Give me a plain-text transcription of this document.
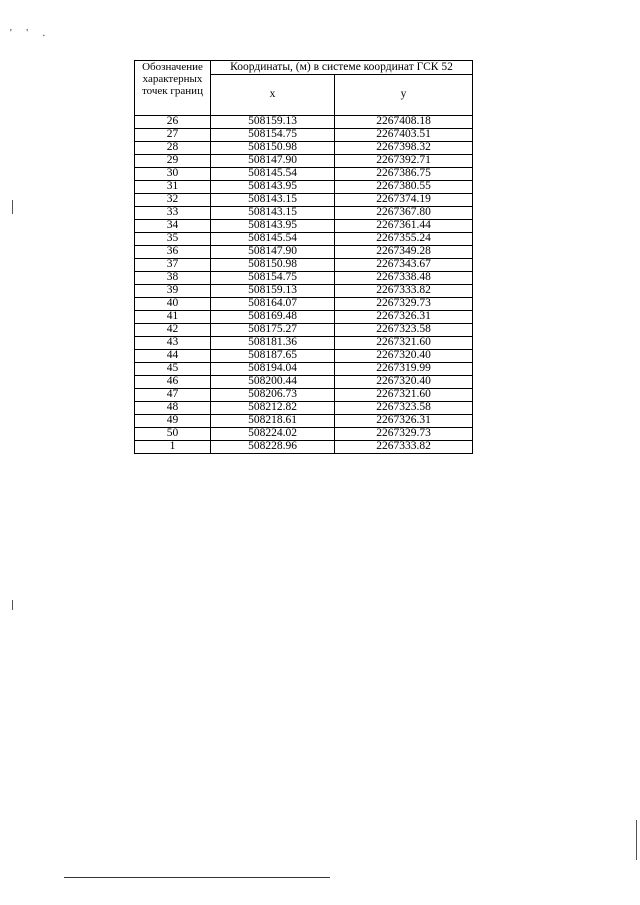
' ' .
Обозначение характерных точек границ	Координаты, (м) в системе координат ГСК 52	
	x	y
26	508159.13	2267408.18
27	508154.75	2267403.51
28	508150.98	2267398.32
29	508147.90	2267392.71
30	508145.54	2267386.75
31	508143.95	2267380.55
32	508143.15	2267374.19
33	508143.15	2267367.80
34	508143.95	2267361.44
35	508145.54	2267355.24
36	508147.90	2267349.28
37	508150.98	2267343.67
38	508154.75	2267338.48
39	508159.13	2267333.82
40	508164.07	2267329.73
41	508169.48	2267326.31
42	508175.27	2267323.58
43	508181.36	2267321.60
44	508187.65	2267320.40
45	508194.04	2267319.99
46	508200.44	2267320.40
47	508206.73	2267321.60
48	508212.82	2267323.58
49	508218.61	2267326.31
50	508224.02	2267329.73
1	508228.96	2267333.82
